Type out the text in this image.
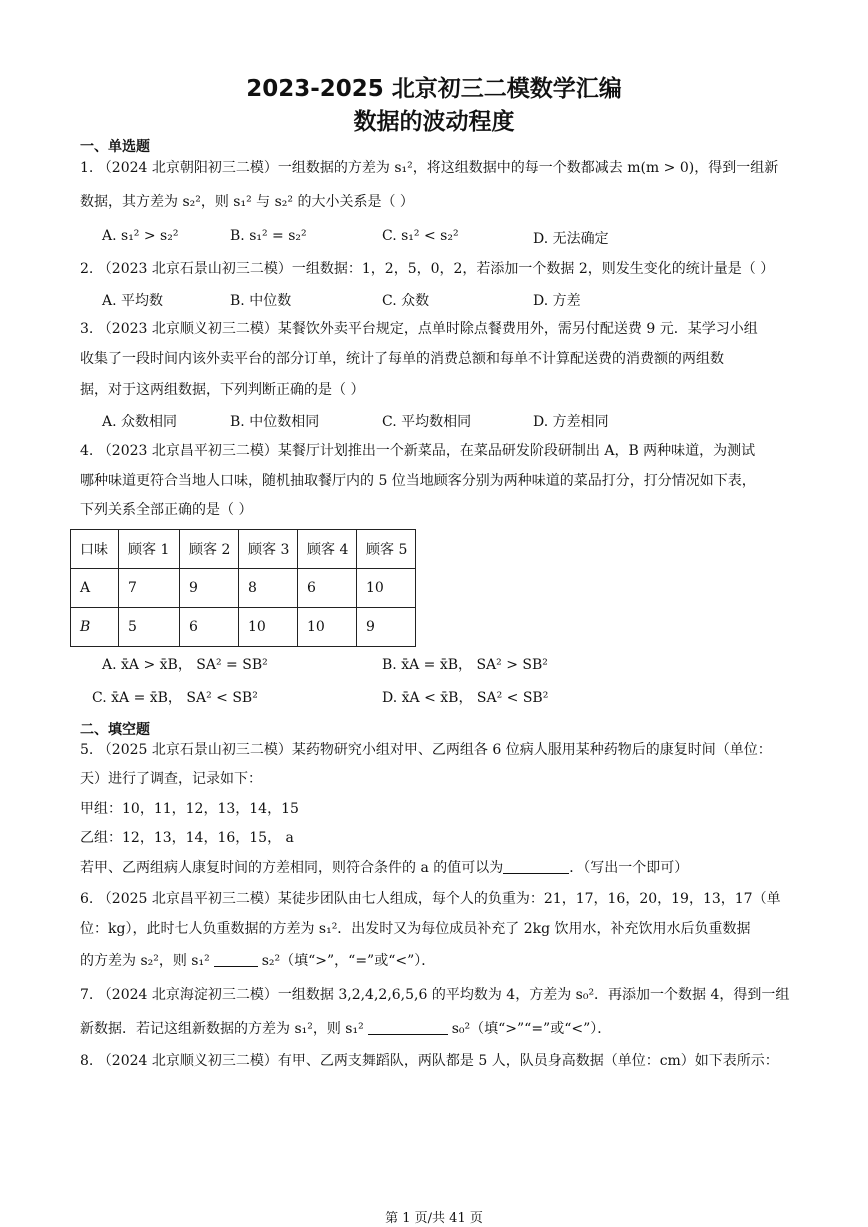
2023-2025 北京初三二模数学汇编
数据的波动程度
一、单选题
1. （2024 北京朝阳初三二模）一组数据的方差为 s₁²，将这组数据中的每一个数都减去 m(m > 0)，得到一组新
数据，其方差为 s₂²，则 s₁² 与 s₂² 的大小关系是（ ）
A. s₁² > s₂²	B. s₁² = s₂²	C. s₁² < s₂²	D. 无法确定
2. （2023 北京石景山初三二模）一组数据：1，2，5，0，2，若添加一个数据 2，则发生变化的统计量是（ ）
A. 平均数	B. 中位数	C. 众数	D. 方差
3. （2023 北京顺义初三二模）某餐饮外卖平台规定，点单时除点餐费用外，需另付配送费 9 元．某学习小组
收集了一段时间内该外卖平台的部分订单，统计了每单的消费总额和每单不计算配送费的消费额的两组数
据，对于这两组数据，下列判断正确的是（ ）
A. 众数相同	B. 中位数相同	C. 平均数相同	D. 方差相同
4. （2023 北京昌平初三二模）某餐厅计划推出一个新菜品，在菜品研发阶段研制出 A，B 两种味道，为测试
哪种味道更符合当地人口味，随机抽取餐厅内的 5 位当地顾客分别为两种味道的菜品打分，打分情况如下表，
下列关系全部正确的是（ ）
口味	顾客 1	顾客 2	顾客 3	顾客 4	顾客 5
A	7	9	8	6	10
B	5	6	10	10	9
A. x̄A > x̄B， SA² = SB²	B. x̄A = x̄B， SA² > SB²
C. x̄A = x̄B， SA² < SB²	D. x̄A < x̄B， SA² < SB²
二、填空题
5. （2025 北京石景山初三二模）某药物研究小组对甲、乙两组各 6 位病人服用某种药物后的康复时间（单位：
天）进行了调查，记录如下：
甲组：10，11，12，13，14，15
乙组：12，13，14，16，15， a
若甲、乙两组病人康复时间的方差相同，则符合条件的 a 的值可以为	．（写出一个即可）
6. （2025 北京昌平初三二模）某徒步团队由七人组成，每个人的负重为：21，17，16，20，19，13，17（单
位：kg），此时七人负重数据的方差为 s₁²．出发时又为每位成员补充了 2kg 饮用水，补充饮用水后负重数据
的方差为 s₂²，则 s₁²	s₂²（填“>”，“=”或“<”）．
7. （2024 北京海淀初三二模）一组数据 3,2,4,2,6,5,6 的平均数为 4，方差为 s₀²．再添加一个数据 4，得到一组
新数据．若记这组新数据的方差为 s₁²，则 s₁²	s₀²（填“>”“=”或“<”）．
8. （2024 北京顺义初三二模）有甲、乙两支舞蹈队，两队都是 5 人，队员身高数据（单位：cm）如下表所示：
第 1 页/共 41 页
